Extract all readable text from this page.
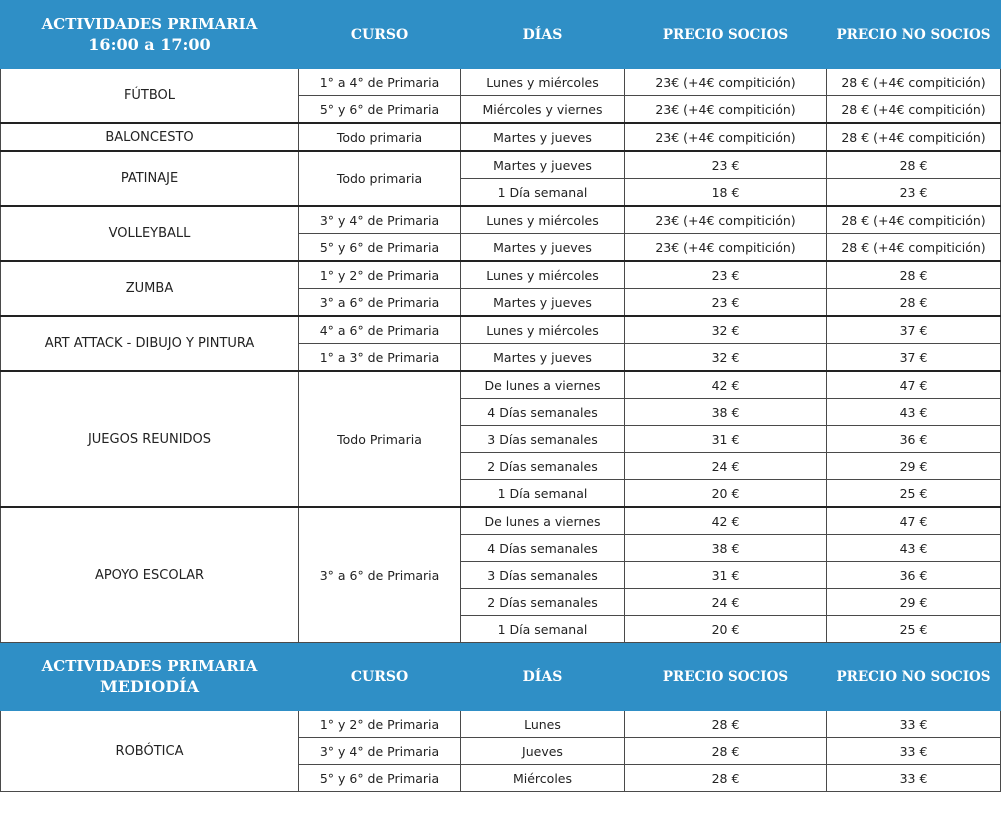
ACTIVIDADES PRIMARIA
16:00 a 17:00	CURSO	DÍAS	PRECIO SOCIOS	PRECIO NO SOCIOS
FÚTBOL	1° a 4° de Primaria	Lunes y miércoles	23€ (+4€ compitición)	28 € (+4€ compitición)
	5° y 6° de Primaria	Miércoles y viernes	23€ (+4€ compitición)	28 € (+4€ compitición)
BALONCESTO	Todo primaria	Martes y jueves	23€ (+4€ compitición)	28 € (+4€ compitición)
PATINAJE	Todo primaria	Martes y jueves	23 €	28 €
		1 Día semanal	18 €	23 €
VOLLEYBALL	3° y 4° de Primaria	Lunes y miércoles	23€ (+4€ compitición)	28 € (+4€ compitición)
	5° y 6° de Primaria	Martes y jueves	23€ (+4€ compitición)	28 € (+4€ compitición)
ZUMBA	1° y 2° de Primaria	Lunes y miércoles	23 €	28 €
	3° a 6° de Primaria	Martes y jueves	23 €	28 €
ART ATTACK - DIBUJO Y PINTURA	4° a 6° de Primaria	Lunes y miércoles	32 €	37 €
	1° a 3° de Primaria	Martes y jueves	32 €	37 €
JUEGOS REUNIDOS	Todo Primaria	De lunes a viernes	42 €	47 €
		4 Días semanales	38 €	43 €
		3 Días semanales	31 €	36 €
		2 Días semanales	24 €	29 €
		1 Día semanal	20 €	25 €
APOYO ESCOLAR	3° a 6° de Primaria	De lunes a viernes	42 €	47 €
		4 Días semanales	38 €	43 €
		3 Días semanales	31 €	36 €
		2 Días semanales	24 €	29 €
		1 Día semanal	20 €	25 €

ACTIVIDADES PRIMARIA
MEDIODÍA	CURSO	DÍAS	PRECIO SOCIOS	PRECIO NO SOCIOS
ROBÓTICA	1° y 2° de Primaria	Lunes	28 €	33 €
	3° y 4° de Primaria	Jueves	28 €	33 €
	5° y 6° de Primaria	Miércoles	28 €	33 €
